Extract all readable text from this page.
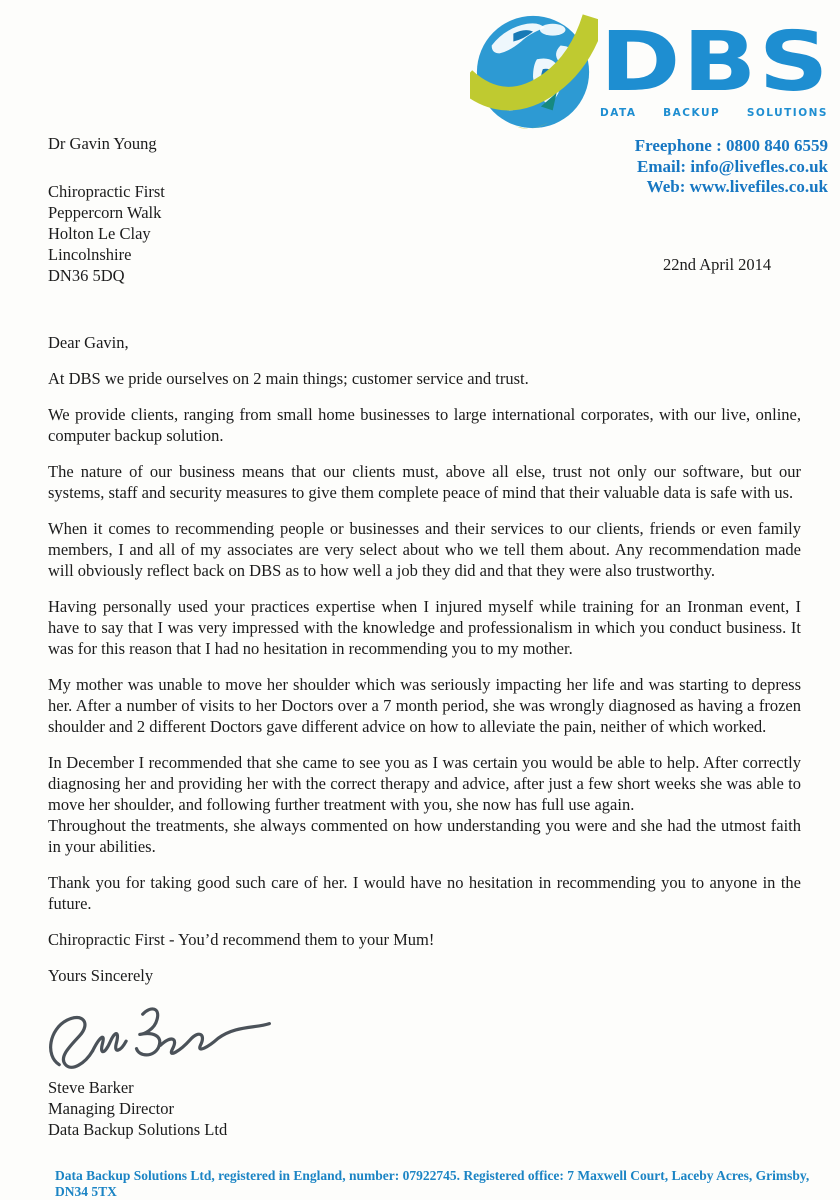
DBS
DATA	BACKUP	SOLUTIONS
Freephone : 0800 840 6559
Email: info@livefles.co.uk
Web: www.livefiles.co.uk
Dr Gavin Young
Chiropractic First
Peppercorn Walk
Holton Le Clay
Lincolnshire
DN36 5DQ
22nd April 2014

Dear Gavin,

At DBS we pride ourselves on 2 main things; customer service and trust.

We provide clients, ranging from small home businesses to large international corporates, with our live, online, computer backup solution.

The nature of our business means that our clients must, above all else, trust not only our software, but our systems, staff and security measures to give them complete peace of mind that their valuable data is safe with us.

When it comes to recommending people or businesses and their services to our clients, friends or even family members, I and all of my associates are very select about who we tell them about. Any recommendation made will obviously reflect back on DBS as to how well a job they did and that they were also trustworthy.

Having personally used your practices expertise when I injured myself while training for an Ironman event, I have to say that I was very impressed with the knowledge and professionalism in which you conduct business. It was for this reason that I had no hesitation in recommending you to my mother.

My mother was unable to move her shoulder which was seriously impacting her life and was starting to depress her. After a number of visits to her Doctors over a 7 month period, she was wrongly diagnosed as having a frozen shoulder and 2 different Doctors gave different advice on how to alleviate the pain, neither of which worked.

In December I recommended that she came to see you as I was certain you would be able to help. After correctly diagnosing her and providing her with the correct therapy and advice, after just a few short weeks she was able to move her shoulder, and following further treatment with you, she now has full use again.

Throughout the treatments, she always commented on how understanding you were and she had the utmost faith in your abilities.

Thank you for taking good such care of her. I would have no hesitation in recommending you to anyone in the future.

Chiropractic First - You’d recommend them to your Mum!

Yours Sincerely

Steve Barker
Managing Director
Data Backup Solutions Ltd
Data Backup Solutions Ltd, registered in England, number: 07922745. Registered office: 7 Maxwell Court, Laceby Acres, Grimsby, DN34 5TX
